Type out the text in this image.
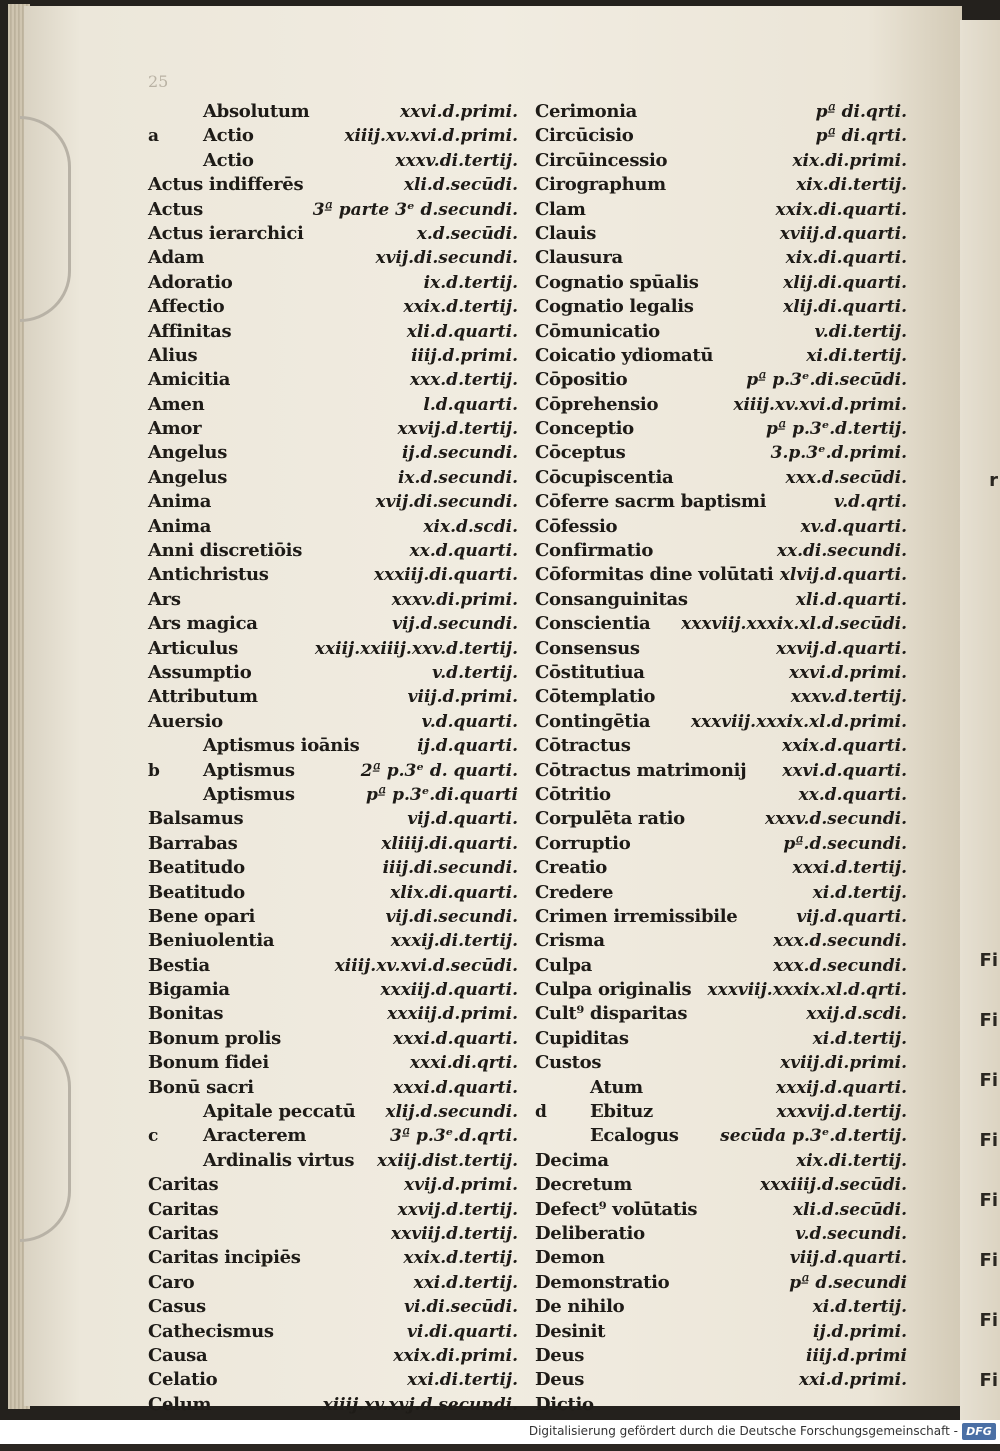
r
Fi
Fi
Fi
Fi
Fi
Fi
Fi
Fi
25
Absolutum	xxvi.d.primi.
a Actio	xiiij.xv.xvi.d.primi.
Actio	xxxv.di.tertij.
Actus indifferēs	xli.d.secūdi.
Actus	3ª parte 3ᵉ d.secundi.
Actus ierarchici	x.d.secūdi.
Adam	xvij.di.secundi.
Adoratio	ix.d.tertij.
Affectio	xxix.d.tertij.
Affinitas	xli.d.quarti.
Alius	iiij.d.primi.
Amicitia	xxx.d.tertij.
Amen	l.d.quarti.
Amor	xxvij.d.tertij.
Angelus	ij.d.secundi.
Angelus	ix.d.secundi.
Anima	xvij.di.secundi.
Anima	xix.d.scdi.
Anni discretiōis	xx.d.quarti.
Antichristus	xxxiij.di.quarti.
Ars	xxxv.di.primi.
Ars magica	vij.d.secundi.
Articulus	xxiij.xxiiij.xxv.d.tertij.
Assumptio	v.d.tertij.
Attributum	viij.d.primi.
Auersio	v.d.quarti.
Aptismus ioānis	ij.d.quarti.
b Aptismus	2ª p.3ᵉ d. quarti.
Aptismus	pª p.3ᵉ.di.quarti
Balsamus	vij.d.quarti.
Barrabas	xliiij.di.quarti.
Beatitudo	iiij.di.secundi.
Beatitudo	xlix.di.quarti.
Bene opari	vij.di.secundi.
Beniuolentia	xxxij.di.tertij.
Bestia	xiiij.xv.xvi.d.secūdi.
Bigamia	xxxiij.d.quarti.
Bonitas	xxxiij.d.primi.
Bonum prolis	xxxi.d.quarti.
Bonum fidei	xxxi.di.qrti.
Bonū sacri	xxxi.d.quarti.
Apitale peccatū xlij.d.secundi.
c Aracterem	3ª p.3ᵉ.d.qrti.
Ardinalis virtus xxiij.dist.tertij.
Caritas	xvij.d.primi.
Caritas	xxvij.d.tertij.
Caritas	xxviij.d.tertij.
Caritas incipiēs	xxix.d.tertij.
Caro	xxi.d.tertij.
Casus	vi.di.secūdi.
Cathecismus	vi.di.quarti.
Causa	xxix.di.primi.
Celatio	xxi.di.tertij.
Celum	xiiij.xv.xvj.d.secundi.
Cerimonia	pª di.qrti.
Circūcisio	pª di.qrti.
Circūincessio	xix.di.primi.
Cirographum	xix.di.tertij.
Clam	xxix.di.quarti.
Clauis	xviij.d.quarti.
Clausura	xix.di.quarti.
Cognatio spūalis	xlij.di.quarti.
Cognatio legalis	xlij.di.quarti.
Cōmunicatio	v.di.tertij.
Coicatio ydiomatū	xi.di.tertij.
Cōpositio	pª p.3ᵉ.di.secūdi.
Cōprehensio	xiiij.xv.xvi.d.primi.
Conceptio	pª p.3ᵉ.d.tertij.
Cōceptus	3.p.3ᵉ.d.primi.
Cōcupiscentia	xxx.d.secūdi.
Cōferre sacrm baptismi	v.d.qrti.
Cōfessio	xv.d.quarti.
Confirmatio	xx.di.secundi.
Cōformitas dine volūtati xlvij.d.quarti.
Consanguinitas	xli.d.quarti.
Conscientia xxxviij.xxxix.xl.d.secūdi.
Consensus	xxvij.d.quarti.
Cōstitutiua	xxvi.d.primi.
Cōtemplatio	xxxv.d.tertij.
Contingētia xxxviij.xxxix.xl.d.primi.
Cōtractus	xxix.d.quarti.
Cōtractus matrimonij xxvi.d.quarti.
Cōtritio	xx.d.quarti.
Corpulēta ratio	xxxv.d.secundi.
Corruptio	pª.d.secundi.
Creatio	xxxi.d.tertij.
Credere	xi.d.tertij.
Crimen irremissibile	vij.d.quarti.
Crisma	xxx.d.secundi.
Culpa	xxx.d.secundi.
Culpa originalis xxxviij.xxxix.xl.d.qrti.
Cult⁹ disparitas	xxij.d.scdi.
Cupiditas	xi.d.tertij.
Custos	xviij.di.primi.
Atum	xxxij.d.quarti.
d Ebituz	xxxvij.d.tertij.
Ecalogus secūda p.3ᵉ.d.tertij.
Decima	xix.di.tertij.
Decretum	xxxiiij.d.secūdi.
Defect⁹ volūtatis	xli.d.secūdi.
Deliberatio	v.d.secundi.
Demon	viij.d.quarti.
Demonstratio	pª d.secundi
De nihilo	xi.d.tertij.
Desinit	ij.d.primi.
Deus	iiij.d.primi
Deus	xxi.d.primi.
Dictio
Digitalisierung gefördert durch die Deutsche Forschungsgemeinschaft - DFG
